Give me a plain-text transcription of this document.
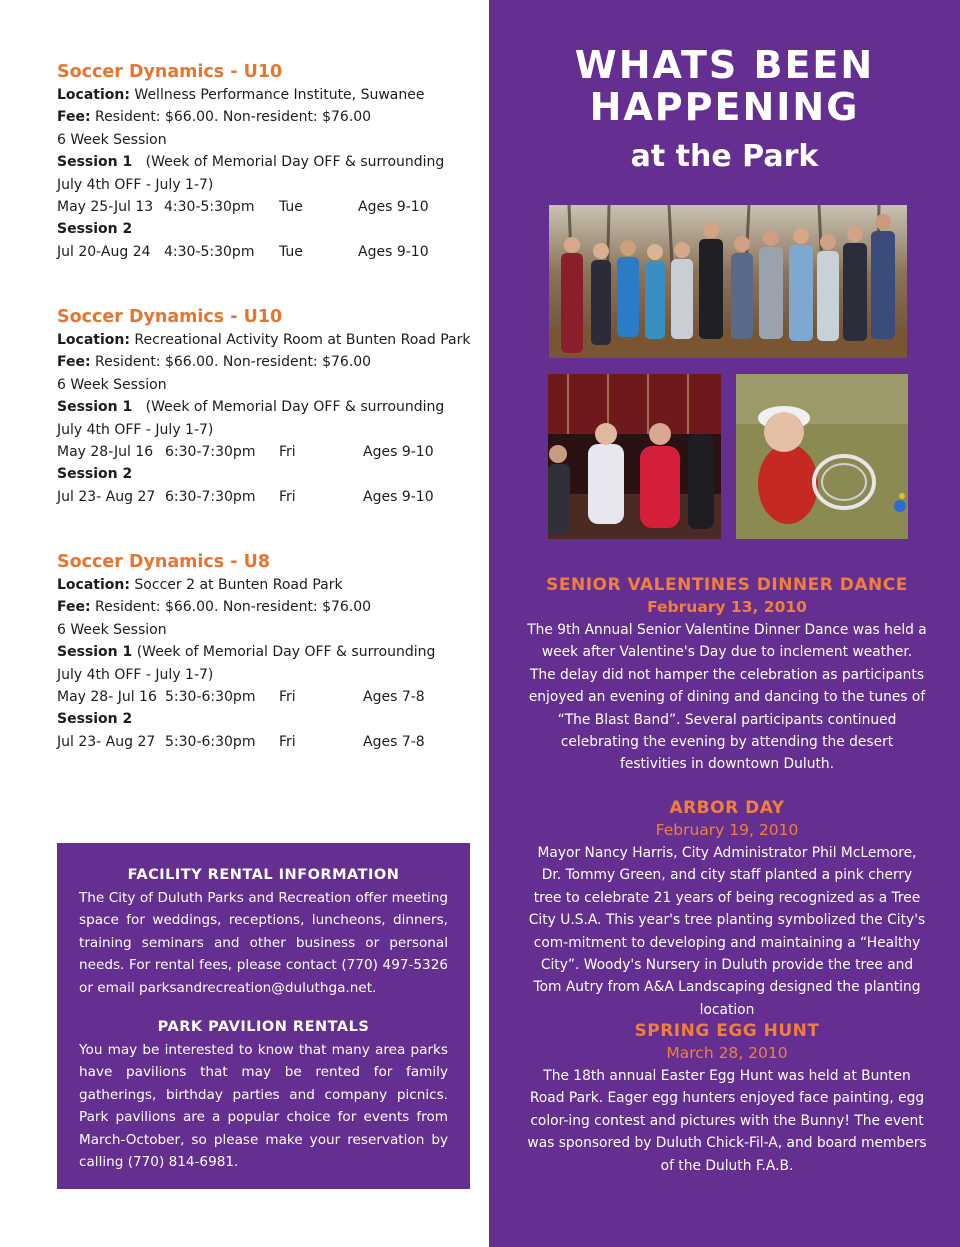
Soccer Dynamics - U10
Location: Wellness Performance Institute, Suwanee
Fee: Resident: $66.00. Non-resident: $76.00
6 Week Session
Session 1 (Week of Memorial Day OFF & surrounding
July 4th OFF - July 1-7)
May 25-Jul 13 4:30-5:30pm Tue	Ages 9-10
Session 2
Jul 20-Aug 24 4:30-5:30pm Tue	Ages 9-10
Soccer Dynamics - U10
Location: Recreational Activity Room at Bunten Road Park
Fee: Resident: $66.00. Non-resident: $76.00
6 Week Session
Session 1 (Week of Memorial Day OFF & surrounding
July 4th OFF - July 1-7)
May 28-Jul 16 6:30-7:30pm Fri	Ages 9-10
Session 2
Jul 23- Aug 27 6:30-7:30pm Fri	Ages 9-10
Soccer Dynamics - U8
Location: Soccer 2 at Bunten Road Park
Fee: Resident: $66.00. Non-resident: $76.00
6 Week Session
Session 1 (Week of Memorial Day OFF & surrounding
July 4th OFF - July 1-7)
May 28- Jul 16 5:30-6:30pm Fri	Ages 7-8
Session 2
Jul 23- Aug 27 5:30-6:30pm Fri	Ages 7-8
FACILITY RENTAL INFORMATION

The City of Duluth Parks and Recreation offer meeting space for weddings, receptions, luncheons, dinners, training seminars and other business or personal needs. For rental fees, please contact (770) 497-5326 or email parksandrecreation@duluthga.net.

PARK PAVILION RENTALS

You may be interested to know that many area parks have pavilions that may be rented for family gatherings, birthday parties and company picnics. Park pavilions are a popular choice for events from March-October, so please make your reservation by calling (770) 814-6981.

WHATS BEEN
HAPPENING
at the Park
SENIOR VALENTINES DINNER DANCE
February 13, 2010
The 9th Annual Senior Valentine Dinner Dance was held a week after Valentine's Day due to inclement weather. The delay did not hamper the celebration as participants enjoyed an evening of dining and dancing to the tunes of “The Blast Band”. Several participants continued celebrating the evening by attending the desert festivities in downtown Duluth.
ARBOR DAY
February 19, 2010
Mayor Nancy Harris, City Administrator Phil McLemore, Dr. Tommy Green, and city staff planted a pink cherry tree to celebrate 21 years of being recognized as a Tree City U.S.A. This year's tree planting symbolized the City's com-mitment to developing and maintaining a “Healthy City”. Woody's Nursery in Duluth provide the tree and Tom Autry from A&A Landscaping designed the planting location
SPRING EGG HUNT
March 28, 2010
The 18th annual Easter Egg Hunt was held at Bunten Road Park. Eager egg hunters enjoyed face painting, egg color-ing contest and pictures with the Bunny! The event was sponsored by Duluth Chick-Fil-A, and board members of the Duluth F.A.B.
